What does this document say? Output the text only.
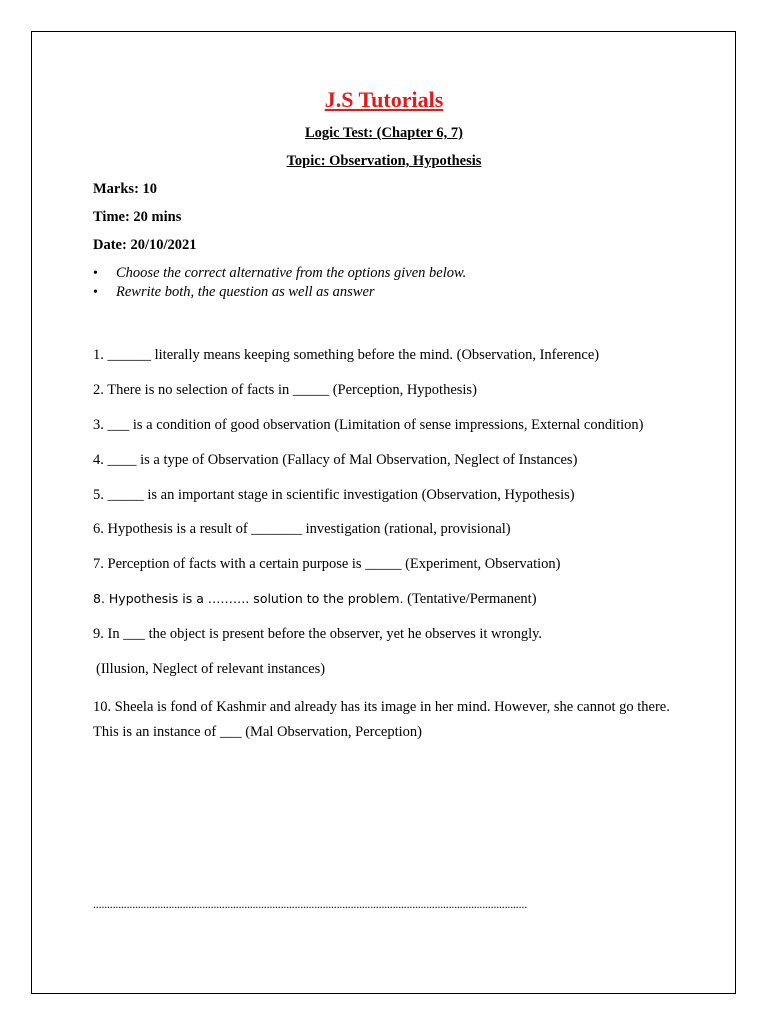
J.S Tutorials
Logic Test: (Chapter 6, 7)
Topic: Observation, Hypothesis
Marks: 10
Time: 20 mins
Date: 20/10/2021
• Choose the correct alternative from the options given below.
• Rewrite both, the question as well as answer
1. ______ literally means keeping something before the mind. (Observation, Inference)
2. There is no selection of facts in _____ (Perception, Hypothesis)
3. ___ is a condition of good observation (Limitation of sense impressions, External condition)
4. ____ is a type of Observation (Fallacy of Mal Observation, Neglect of Instances)
5. _____ is an important stage in scientific investigation (Observation, Hypothesis)
6. Hypothesis is a result of _______ investigation (rational, provisional)
7. Perception of facts with a certain purpose is _____ (Experiment, Observation)
8. Hypothesis is a ………. solution to the problem. (Tentative/Permanent)
9. In ___ the object is present before the observer, yet he observes it wrongly.
(Illusion, Neglect of relevant instances)
10. Sheela is fond of Kashmir and already has its image in her mind. However, she cannot go there. This is an instance of ___ (Mal Observation, Perception)
...........................................................................................................................................................
